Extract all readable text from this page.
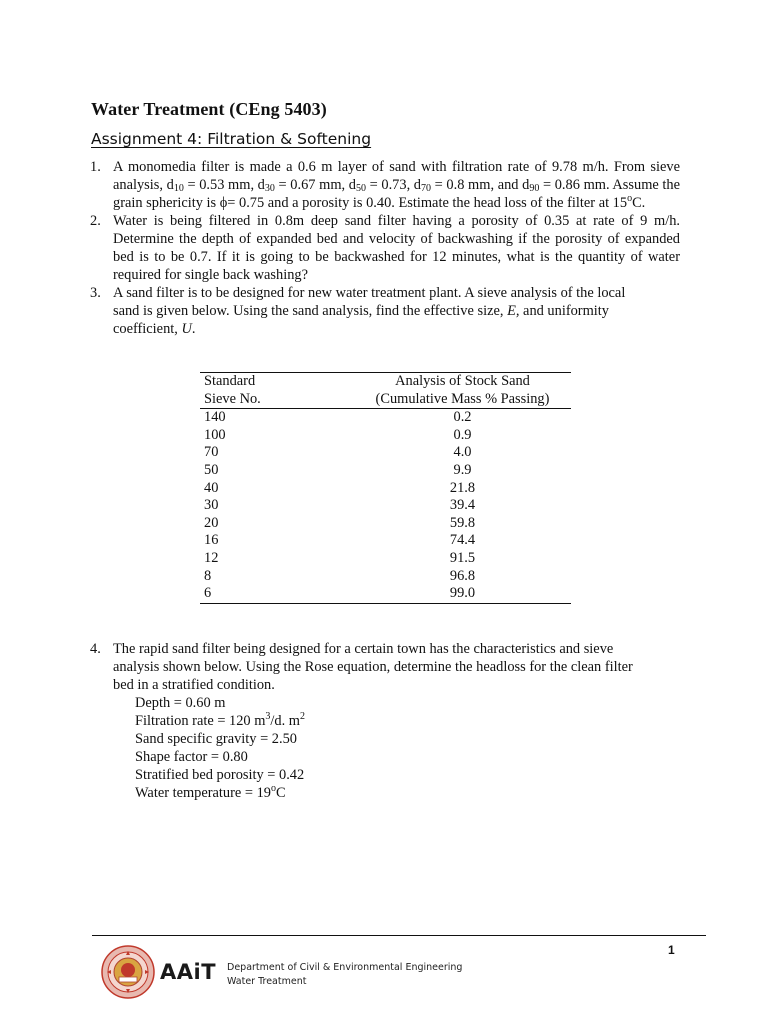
Water Treatment (CEng 5403)
Assignment 4: Filtration & Softening
1. A monomedia filter is made a 0.6 m layer of sand with filtration rate of 9.78 m/h. From sieve analysis, $d_{10} = 0.53$ mm, $d_{30} = 0.67$ mm, $d_{50} = 0.73$, $d_{70} = 0.8$ mm, and $d_{90} = 0.86$ mm. Assume the grain sphericity is ϕ= 0.75 and a porosity is 0.40. Estimate the head loss of the filter at 15$^o$C.
2. Water is being filtered in 0.8m deep sand filter having a porosity of 0.35 at rate of 9 m/h. Determine the depth of expanded bed and velocity of backwashing if the porosity of expanded bed is to be 0.7. If it is going to be backwashed for 12 minutes, what is the quantity of water required for single back washing?
3. A sand filter is to be designed for new water treatment plant. A sieve analysis of the local
sand is given below. Using the sand analysis, find the effective size, E, and uniformity
coefficient, U.
Standard	Analysis of Stock Sand
Sieve No.	(Cumulative Mass % Passing)
140	0.2
100	0.9
70	4.0
50	9.9
40	21.8
30	39.4
20	59.8
16	74.4
12	91.5
8	96.8
6	99.0
4. The rapid sand filter being designed for a certain town has the characteristics and sieve
analysis shown below. Using the Rose equation, determine the headloss for the clean filter
bed in a stratified condition.
Depth = 0.60 m
Filtration rate = 120 $m^3/d$. $m^2$
Sand specific gravity = 2.50
Shape factor = 0.80
Stratified bed porosity = 0.42
Water temperature = $19^oC$
1
AAiT Department of Civil & Environmental Engineering
Water Treatment
